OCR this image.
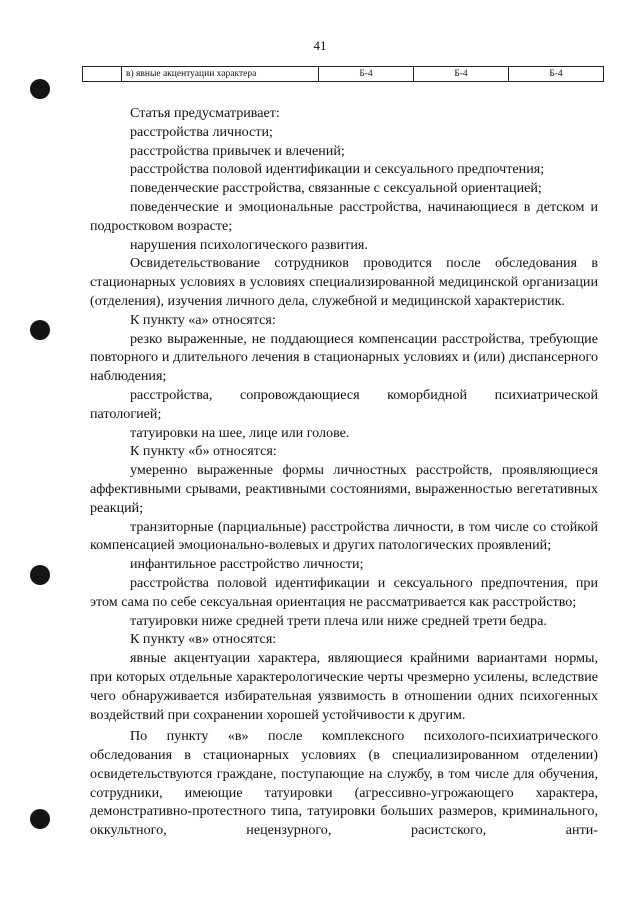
41
	в) явные акцентуации характера	Б-4	Б-4	Б-4

Статья предусматривает:

расстройства личности;

расстройства привычек и влечений;

расстройства половой идентификации и сексуального предпочтения;

поведенческие расстройства, связанные с сексуальной ориентацией;

поведенческие и эмоциональные расстройства, начинающиеся в детском и подростковом возрасте;

нарушения психологического развития.

Освидетельствование сотрудников проводится после обследования в стационарных условиях в условиях специализированной медицинской организации (отделения), изучения личного дела, служебной и медицинской характеристик.

К пункту «а» относятся:

резко выраженные, не поддающиеся компенсации расстройства, требующие повторного и длительного лечения в стационарных условиях и (или) диспансерного наблюдения;

расстройства, сопровождающиеся коморбидной психиатрической патологией;

татуировки на шее, лице или голове.

К пункту «б» относятся:

умеренно выраженные формы личностных расстройств, проявляющиеся аффективными срывами, реактивными состояниями, выраженностью вегетативных реакций;

транзиторные (парциальные) расстройства личности, в том числе со стойкой компенсацией эмоционально-волевых и других патологических проявлений;

инфантильное расстройство личности;

расстройства половой идентификации и сексуального предпочтения, при этом сама по себе сексуальная ориентация не рассматривается как расстройство;

татуировки ниже средней трети плеча или ниже средней трети бедра.

К пункту «в» относятся:

явные акцентуации характера, являющиеся крайними вариантами нормы, при которых отдельные характерологические черты чрезмерно усилены, вследствие чего обнаруживается избирательная уязвимость в отношении одних психогенных воздействий при сохранении хорошей устойчивости к другим.

По пункту «в» после комплексного психолого-психиатрического обследования в стационарных условиях (в специализированном отделении) освидетельствуются граждане, поступающие на службу, в том числе для обучения, сотрудники, имеющие татуировки (агрессивно-угрожающего характера, демонстративно-протестного типа, татуировки больших размеров, криминального, оккультного, нецензурного, расистского, анти-
